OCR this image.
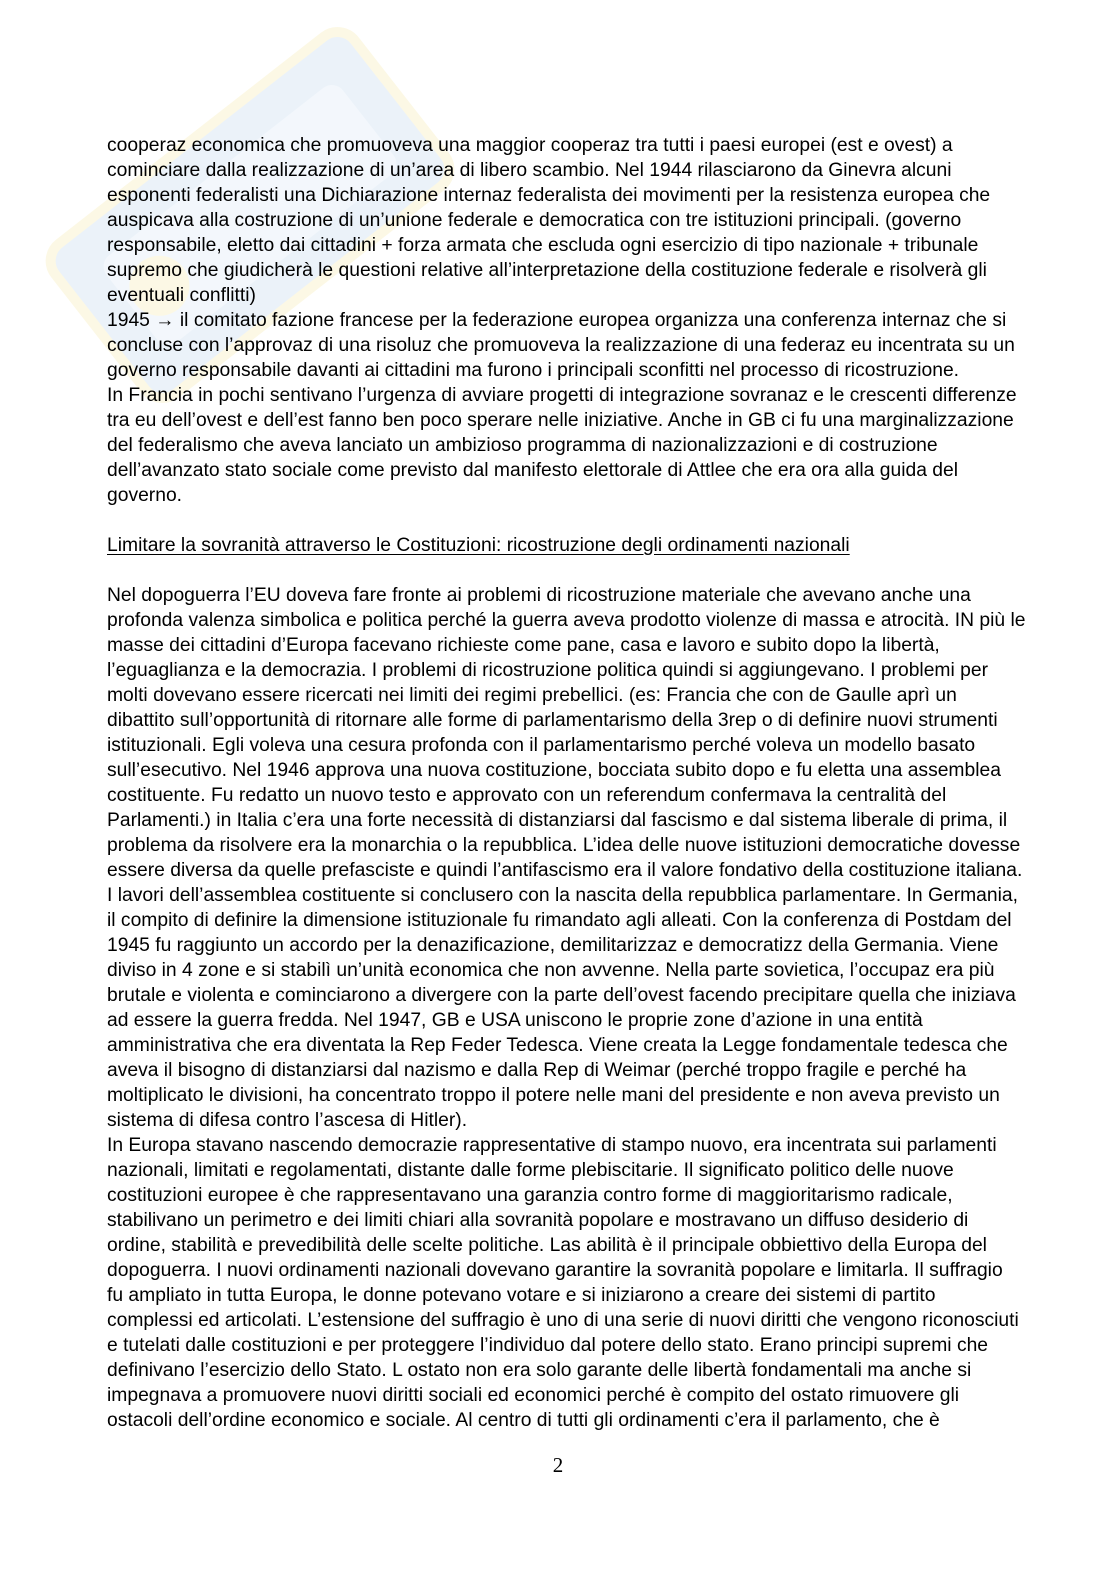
cooperaz economica che promuoveva una maggior cooperaz tra tutti i paesi europei (est e ovest) a
cominciare dalla realizzazione di un’area di libero scambio. Nel 1944 rilasciarono da Ginevra alcuni
esponenti federalisti una Dichiarazione internaz federalista dei movimenti per la resistenza europea che
auspicava alla costruzione di un’unione federale e democratica con tre istituzioni principali. (governo
responsabile, eletto dai cittadini + forza armata che escluda ogni esercizio di tipo nazionale + tribunale
supremo che giudicherà le questioni relative all’interpretazione della costituzione federale e risolverà gli
eventuali conflitti)
1945 → il comitato fazione francese per la federazione europea organizza una conferenza internaz che si
concluse con l’approvaz di una risoluz che promuoveva la realizzazione di una federaz eu incentrata su un
governo responsabile davanti ai cittadini ma furono i principali sconfitti nel processo di ricostruzione.
In Francia in pochi sentivano l’urgenza di avviare progetti di integrazione sovranaz e le crescenti differenze
tra eu dell’ovest e dell’est fanno ben poco sperare nelle iniziative. Anche in GB ci fu una marginalizzazione
del federalismo che aveva lanciato un ambizioso programma di nazionalizzazioni e di costruzione
dell’avanzato stato sociale come previsto dal manifesto elettorale di Attlee che era ora alla guida del
governo.
Limitare la sovranità attraverso le Costituzioni: ricostruzione degli ordinamenti nazionali
Nel dopoguerra l’EU doveva fare fronte ai problemi di ricostruzione materiale che avevano anche una
profonda valenza simbolica e politica perché la guerra aveva prodotto violenze di massa e atrocità. IN più le
masse dei cittadini d’Europa facevano richieste come pane, casa e lavoro e subito dopo la libertà,
l’eguaglianza e la democrazia. I problemi di ricostruzione politica quindi si aggiungevano. I problemi per
molti dovevano essere ricercati nei limiti dei regimi prebellici. (es: Francia che con de Gaulle aprì un
dibattito sull’opportunità di ritornare alle forme di parlamentarismo della 3rep o di definire nuovi strumenti
istituzionali. Egli voleva una cesura profonda con il parlamentarismo perché voleva un modello basato
sull’esecutivo. Nel 1946 approva una nuova costituzione, bocciata subito dopo e fu eletta una assemblea
costituente. Fu redatto un nuovo testo e approvato con un referendum confermava la centralità del
Parlamenti.) in Italia c’era una forte necessità di distanziarsi dal fascismo e dal sistema liberale di prima, il
problema da risolvere era la monarchia o la repubblica. L’idea delle nuove istituzioni democratiche dovesse
essere diversa da quelle prefasciste e quindi l’antifascismo era il valore fondativo della costituzione italiana.
I lavori dell’assemblea costituente si conclusero con la nascita della repubblica parlamentare. In Germania,
il compito di definire la dimensione istituzionale fu rimandato agli alleati. Con la conferenza di Postdam del
1945 fu raggiunto un accordo per la denazificazione, demilitarizzaz e democratizz della Germania. Viene
diviso in 4 zone e si stabilì un’unità economica che non avvenne. Nella parte sovietica, l’occupaz era più
brutale e violenta e cominciarono a divergere con la parte dell’ovest facendo precipitare quella che iniziava
ad essere la guerra fredda. Nel 1947, GB e USA uniscono le proprie zone d’azione in una entità
amministrativa che era diventata la Rep Feder Tedesca. Viene creata la Legge fondamentale tedesca che
aveva il bisogno di distanziarsi dal nazismo e dalla Rep di Weimar (perché troppo fragile e perché ha
moltiplicato le divisioni, ha concentrato troppo il potere nelle mani del presidente e non aveva previsto un
sistema di difesa contro l’ascesa di Hitler).
In Europa stavano nascendo democrazie rappresentative di stampo nuovo, era incentrata sui parlamenti
nazionali, limitati e regolamentati, distante dalle forme plebiscitarie. Il significato politico delle nuove
costituzioni europee è che rappresentavano una garanzia contro forme di maggioritarismo radicale,
stabilivano un perimetro e dei limiti chiari alla sovranità popolare e mostravano un diffuso desiderio di
ordine, stabilità e prevedibilità delle scelte politiche. Las abilità è il principale obbiettivo della Europa del
dopoguerra. I nuovi ordinamenti nazionali dovevano garantire la sovranità popolare e limitarla. Il suffragio
fu ampliato in tutta Europa, le donne potevano votare e si iniziarono a creare dei sistemi di partito
complessi ed articolati. L’estensione del suffragio è uno di una serie di nuovi diritti che vengono riconosciuti
e tutelati dalle costituzioni e per proteggere l’individuo dal potere dello stato. Erano principi supremi che
definivano l’esercizio dello Stato. L ostato non era solo garante delle libertà fondamentali ma anche si
impegnava a promuovere nuovi diritti sociali ed economici perché è compito del ostato rimuovere gli
ostacoli dell’ordine economico e sociale. Al centro di tutti gli ordinamenti c’era il parlamento, che è
2
